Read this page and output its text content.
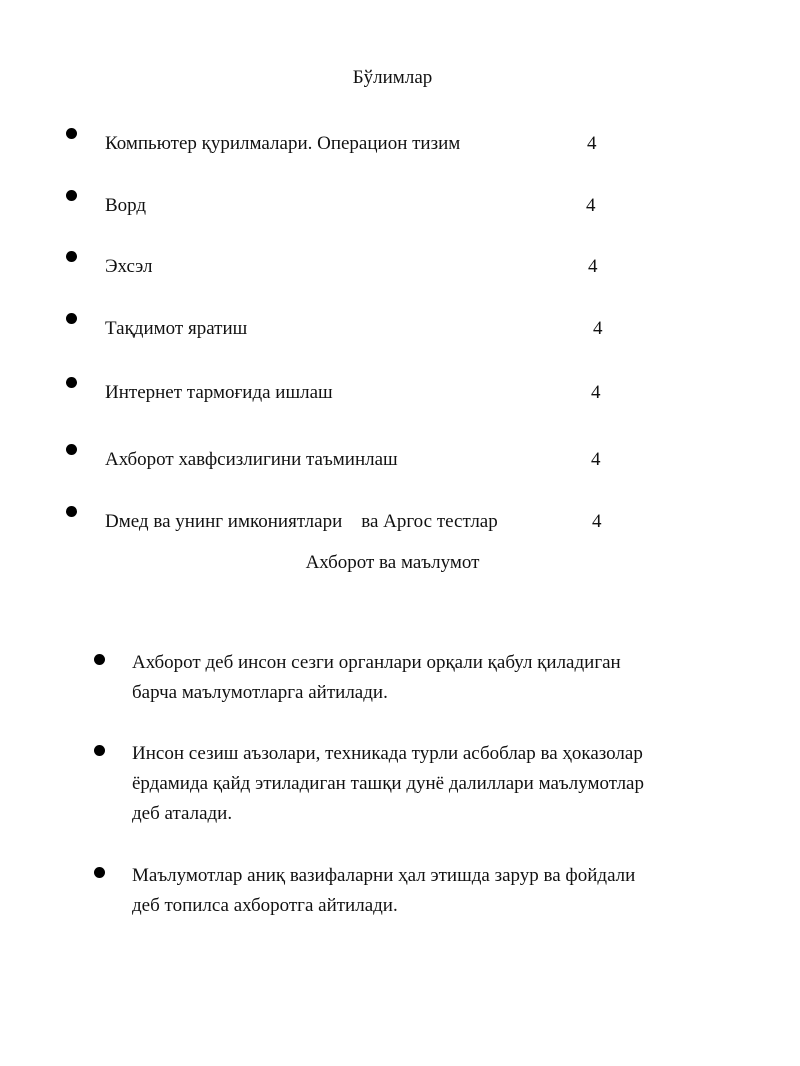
Бўлимлар
Компьютер қурилмалари. Операцион тизим	4
Ворд	4
Эхсэл	4
Тақдимот яратиш	4
Интернет тармоғида ишлаш	4
Ахборот хавфсизлигини таъминлаш	4
Dмед ва унинг имкониятлари    ва Аргос тестлар	4
Ахборот ва маълумот
Ахборот деб инсон сезги органлари орқали қабул қиладиган
барча маълумотларга айтилади.
Инсон сезиш аъзолари, техникада турли асбоблар ва ҳоказолар
ёрдамида қайд этиладиган ташқи дунё далиллари маълумотлар
деб аталади.
Маълумотлар аниқ вазифаларни ҳал этишда зарур ва фойдали
деб топилса ахборотга айтилади.
